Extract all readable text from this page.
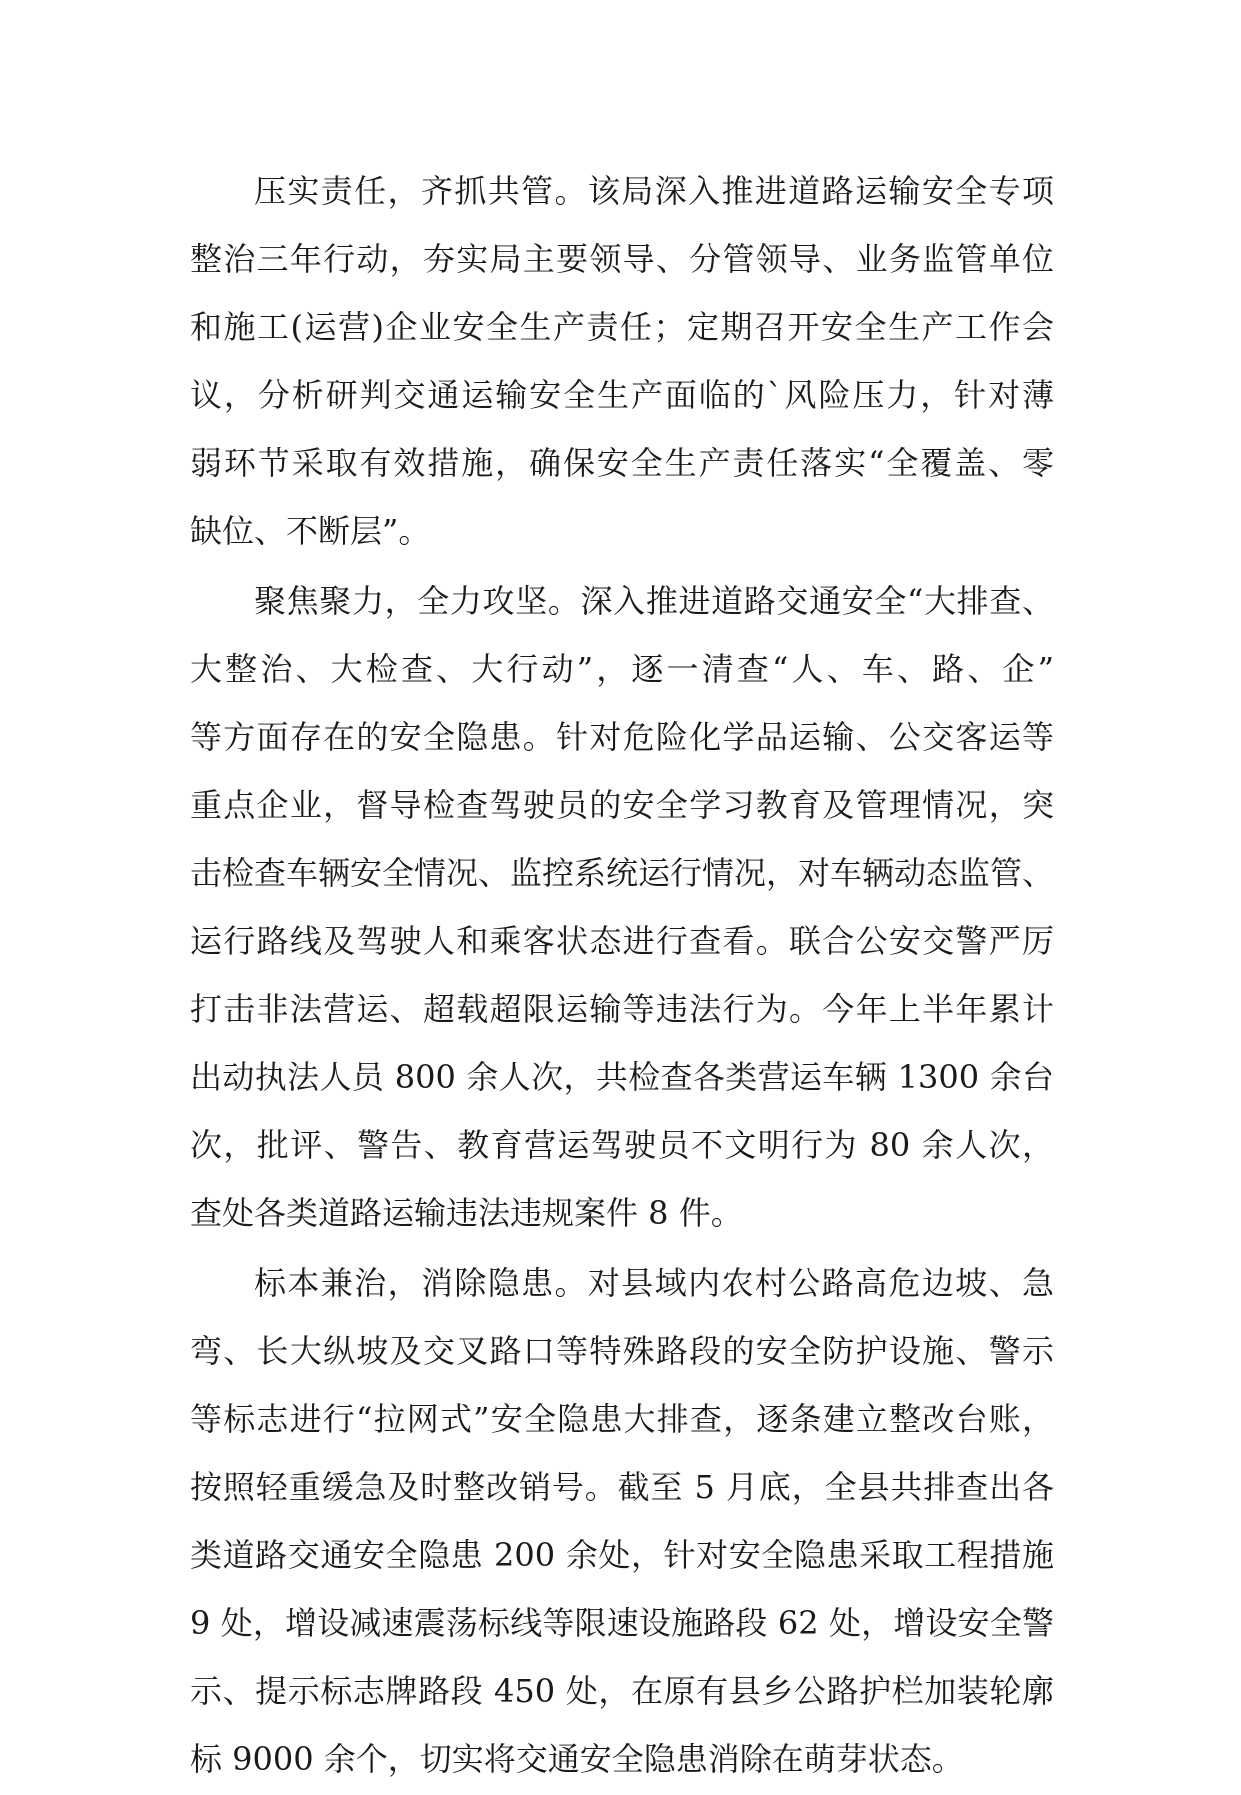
压实责任，齐抓共管。该局深入推进道路运输安全专项
整治三年行动，夯实局主要领导、分管领导、业务监管单位
和施工(运营)企业安全生产责任；定期召开安全生产工作会
议，分析研判交通运输安全生产面临的`风险压力，针对薄
弱环节采取有效措施，确保安全生产责任落实“全覆盖、零
缺位、不断层”。
聚焦聚力，全力攻坚。深入推进道路交通安全“大排查、
大整治、大检查、大行动”，逐一清查“人、车、路、企”
等方面存在的安全隐患。针对危险化学品运输、公交客运等
重点企业，督导检查驾驶员的安全学习教育及管理情况，突
击检查车辆安全情况、监控系统运行情况，对车辆动态监管、
运行路线及驾驶人和乘客状态进行查看。联合公安交警严厉
打击非法营运、超载超限运输等违法行为。今年上半年累计
出动执法人员 800 余人次，共检查各类营运车辆 1300 余台
次，批评、警告、教育营运驾驶员不文明行为 80 余人次，
查处各类道路运输违法违规案件 8 件。
标本兼治，消除隐患。对县域内农村公路高危边坡、急
弯、长大纵坡及交叉路口等特殊路段的安全防护设施、警示
等标志进行“拉网式”安全隐患大排查，逐条建立整改台账，
按照轻重缓急及时整改销号。截至 5 月底，全县共排查出各
类道路交通安全隐患 200 余处，针对安全隐患采取工程措施
9 处，增设减速震荡标线等限速设施路段 62 处，增设安全警
示、提示标志牌路段 450 处，在原有县乡公路护栏加装轮廓
标 9000 余个，切实将交通安全隐患消除在萌芽状态。
